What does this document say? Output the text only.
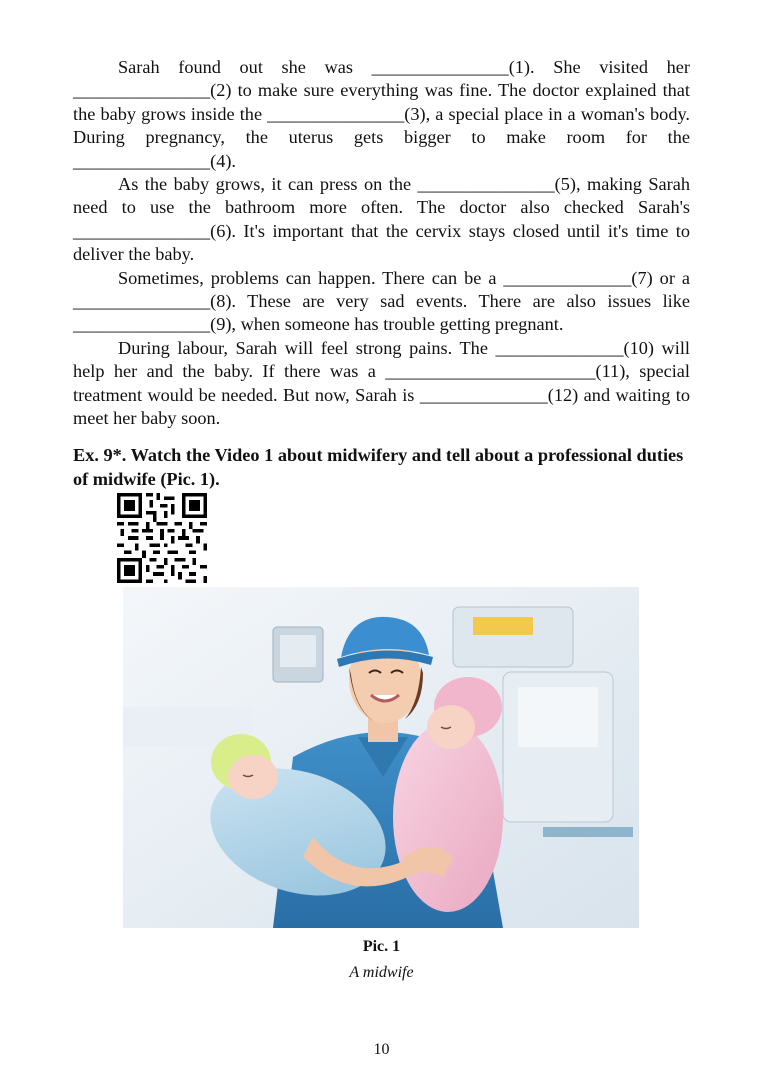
Sarah found out she was _______________(1). She visited her _______________(2) to make sure everything was fine. The doctor explained that the baby grows inside the _______________(3), a special place in a woman's body. During pregnancy, the uterus gets bigger to make room for the _______________(4).

As the baby grows, it can press on the _______________(5), making Sarah need to use the bathroom more often. The doctor also checked Sarah's _______________(6). It's important that the cervix stays closed until it's time to deliver the baby.

Sometimes, problems can happen. There can be a ______________(7) or a _______________(8). These are very sad events. There are also issues like _______________(9), when someone has trouble getting pregnant.

During labour, Sarah will feel strong pains. The ______________(10) will help her and the baby. If there was a _______________________(11), special treatment would be needed. But now, Sarah is ______________(12) and waiting to meet her baby soon.

Ex. 9*. Watch the Video 1 about midwifery and tell about a professional duties of midwife (Pic. 1).

Pic. 1
A midwife
10
